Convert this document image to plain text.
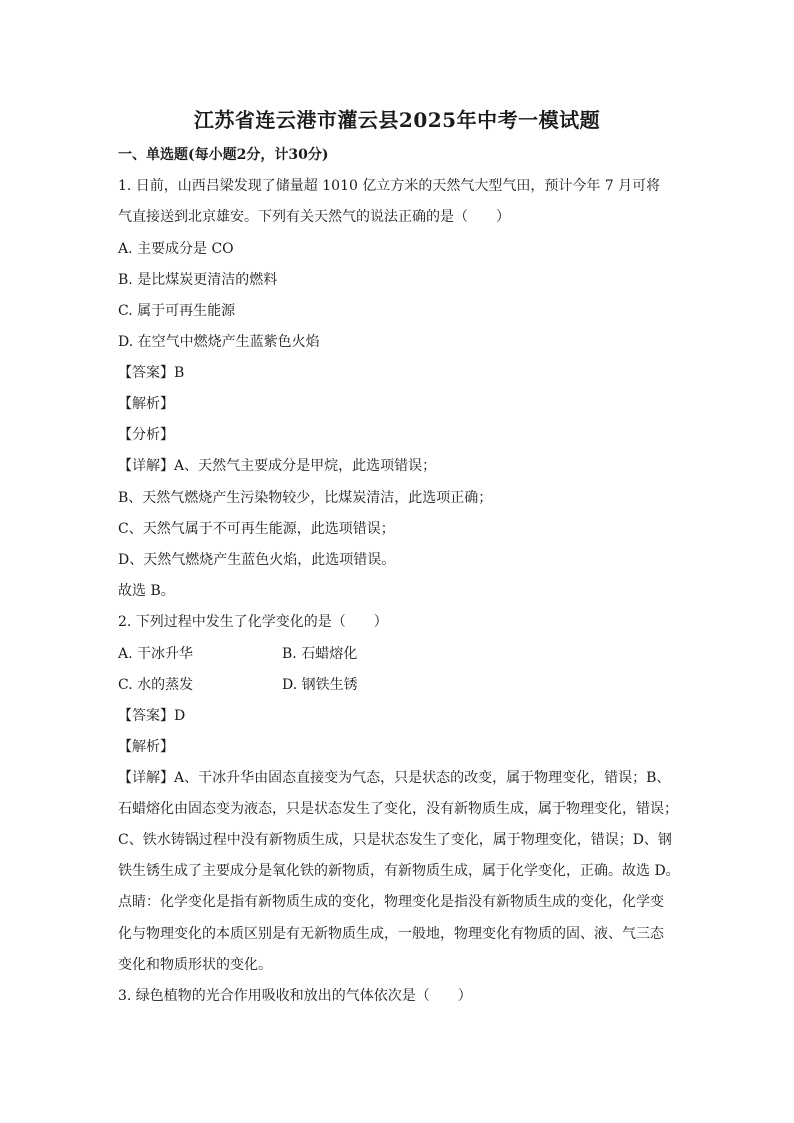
江苏省连云港市灌云县2025年中考一模试题
一、单选题(每小题2分，计30分)
1. 日前，山西吕梁发现了储量超 1010 亿立方米的天然气大型气田，预计今年 7 月可将
气直接送到北京雄安。下列有关天然气的说法正确的是（　　）
A. 主要成分是 CO
B. 是比煤炭更清洁的燃料
C. 属于可再生能源
D. 在空气中燃烧产生蓝紫色火焰
【答案】B
【解析】
【分析】
【详解】A、天然气主要成分是甲烷，此选项错误；
B、天然气燃烧产生污染物较少，比煤炭清洁，此选项正确；
C、天然气属于不可再生能源，此选项错误；
D、天然气燃烧产生蓝色火焰，此选项错误。
故选 B。
2. 下列过程中发生了化学变化的是（　　）
A. 干冰升华	B. 石蜡熔化
C. 水的蒸发	D. 钢铁生锈
【答案】D
【解析】
【详解】A、干冰升华由固态直接变为气态，只是状态的改变，属于物理变化，错误；B、
石蜡熔化由固态变为液态，只是状态发生了变化，没有新物质生成，属于物理变化，错误；
C、铁水铸锅过程中没有新物质生成，只是状态发生了变化，属于物理变化，错误；D、钢
铁生锈生成了主要成分是氧化铁的新物质，有新物质生成，属于化学变化，正确。故选 D。
点睛：化学变化是指有新物质生成的变化，物理变化是指没有新物质生成的变化，化学变
化与物理变化的本质区别是有无新物质生成，一般地，物理变化有物质的固、液、气三态
变化和物质形状的变化。
3. 绿色植物的光合作用吸收和放出的气体依次是（　　）
